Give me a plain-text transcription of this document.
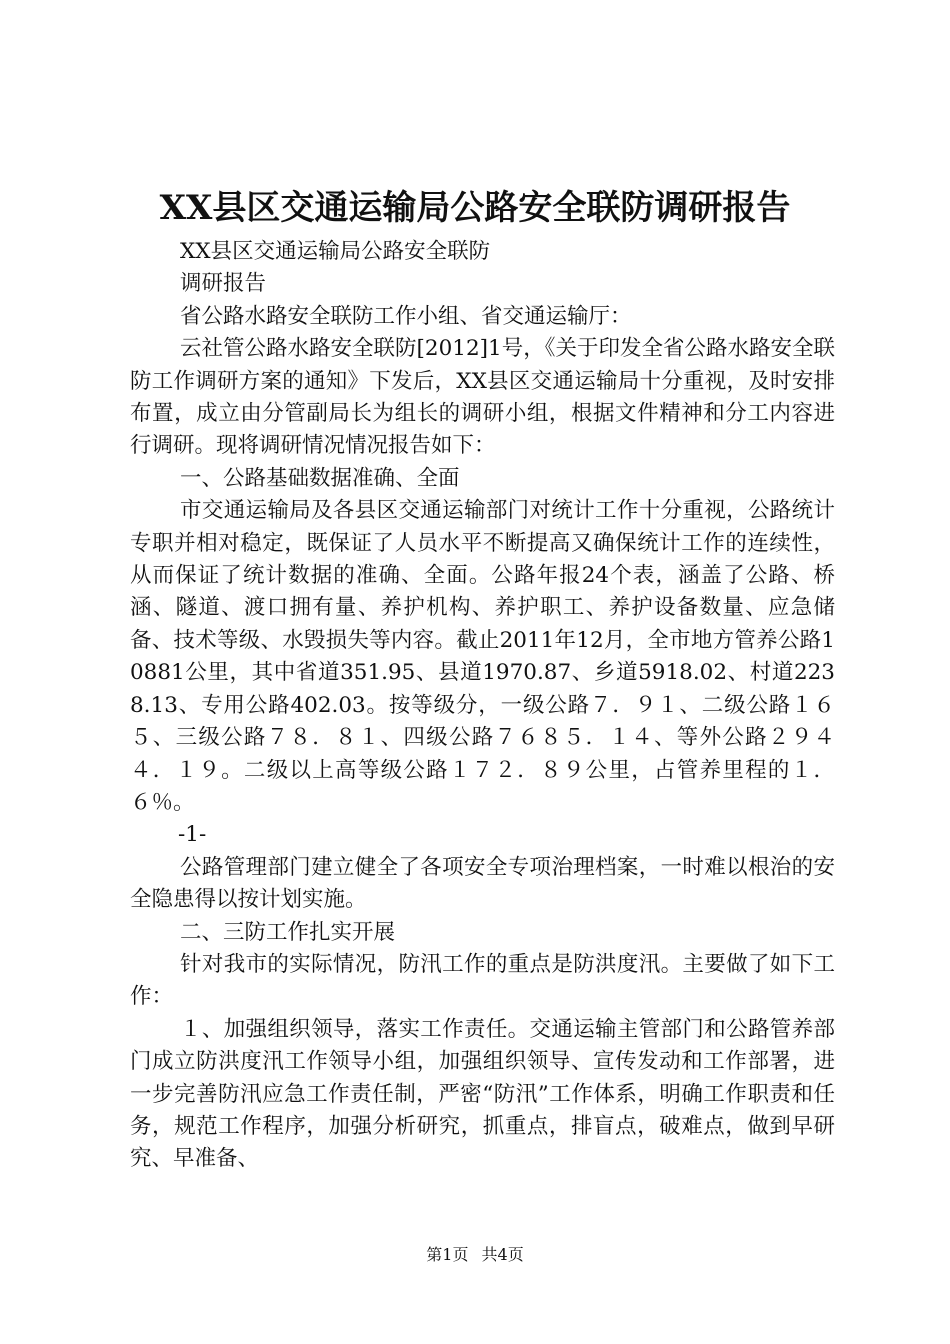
XX县区交通运输局公路安全联防调研报告

XX县区交通运输局公路安全联防

调研报告

省公路水路安全联防工作小组、省交通运输厅：

云社管公路水路安全联防[2012]1号，《关于印发全省公路水路安全联防工作调研方案的通知》下发后，XX县区交通运输局十分重视，及时安排布置，成立由分管副局长为组长的调研小组，根据文件精神和分工内容进行调研。现将调研情况情况报告如下：

一、公路基础数据准确、全面

市交通运输局及各县区交通运输部门对统计工作十分重视，公路统计专职并相对稳定，既保证了人员水平不断提高又确保统计工作的连续性，从而保证了统计数据的准确、全面。公路年报24个表，涵盖了公路、桥涵、隧道、渡口拥有量、养护机构、养护职工、养护设备数量、应急储备、技术等级、水毁损失等内容。截止2011年12月，全市地方管养公路10881公里，其中省道351.95、县道1970.87、乡道5918.02、村道2238.13、专用公路402.03。按等级分，一级公路７．９１、二级公路１６５、三级公路７８．８１、四级公路７６８５．１４、等外公路２９４４．１９。二级以上高等级公路１７２．８９公里，占管养里程的１．６％。

-1-

公路管理部门建立健全了各项安全专项治理档案，一时难以根治的安全隐患得以按计划实施。

二、三防工作扎实开展

针对我市的实际情况，防汛工作的重点是防洪度汛。主要做了如下工作：

１、加强组织领导，落实工作责任。交通运输主管部门和公路管养部门成立防洪度汛工作领导小组，加强组织领导、宣传发动和工作部署，进一步完善防汛应急工作责任制，严密“防汛”工作体系，明确工作职责和任务，规范工作程序，加强分析研究，抓重点，排盲点，破难点，做到早研究、早准备、

第1页 共4页
